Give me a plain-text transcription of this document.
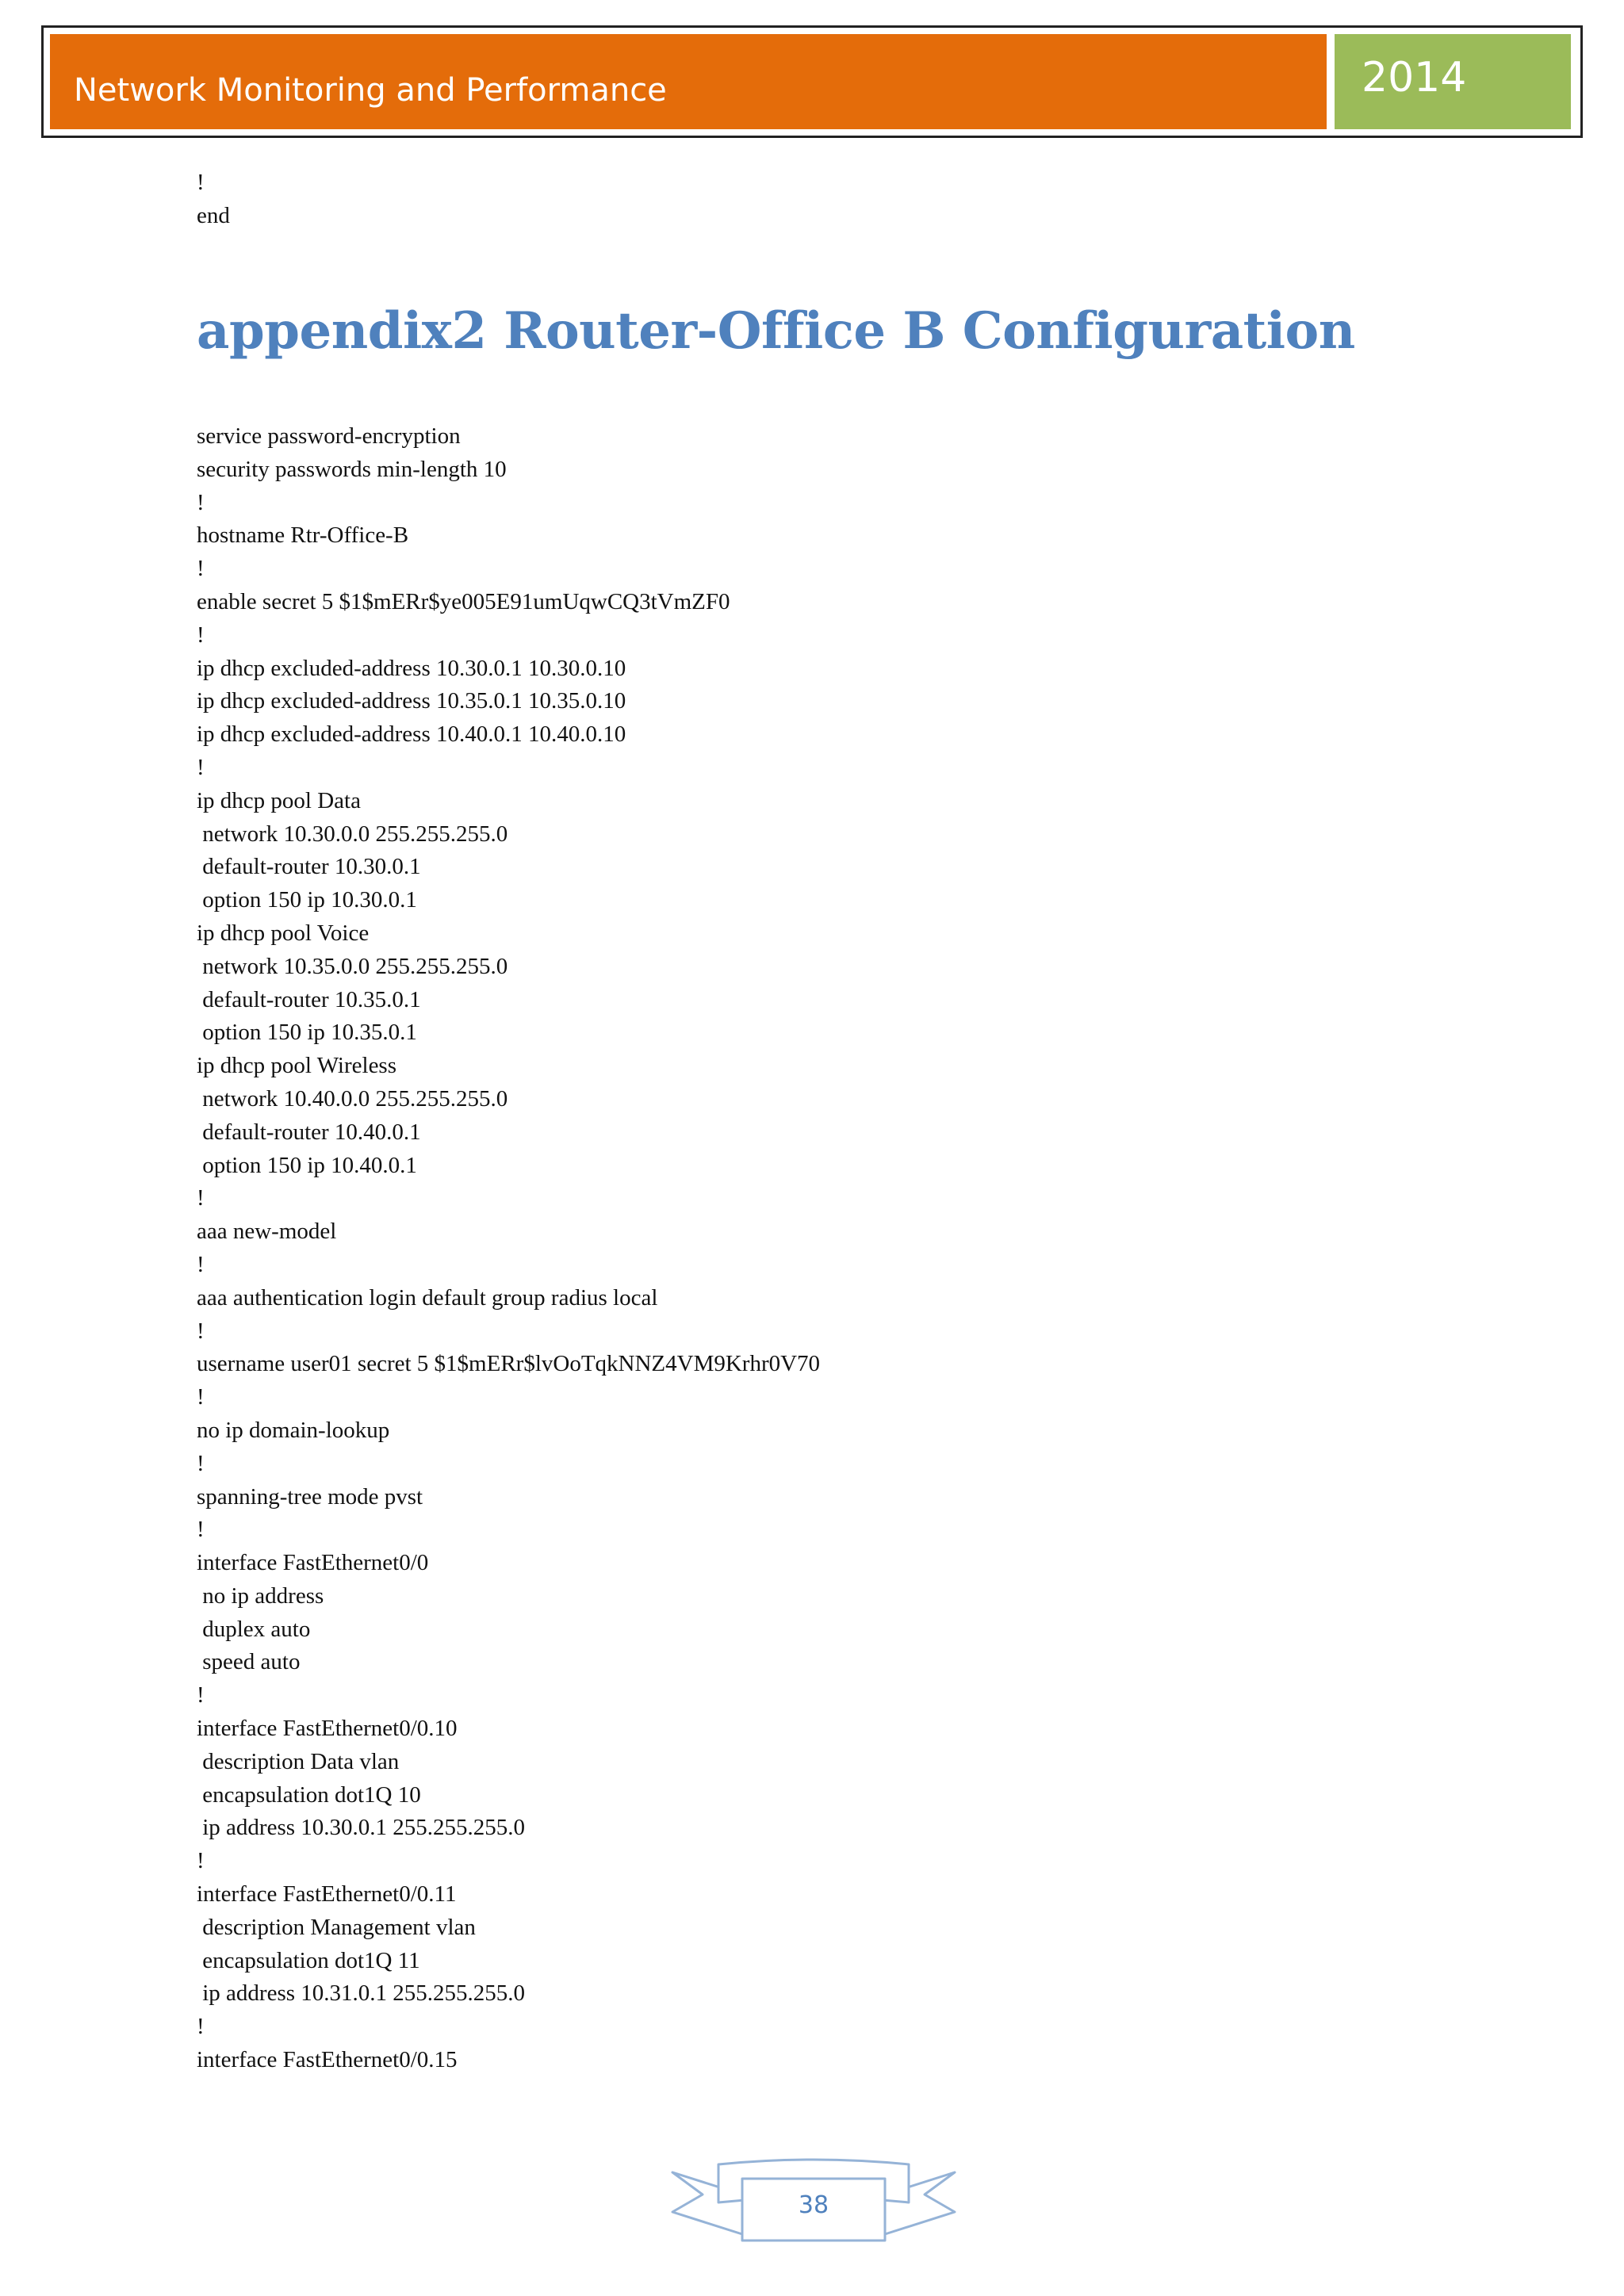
Network Monitoring and Performance	2014
!
end
appendix2 Router-Office B Configuration
service password-encryption
security passwords min-length 10
!
hostname Rtr-Office-B
!
enable secret 5 $1$mERr$ye005E91umUqwCQ3tVmZF0
!
ip dhcp excluded-address 10.30.0.1 10.30.0.10
ip dhcp excluded-address 10.35.0.1 10.35.0.10
ip dhcp excluded-address 10.40.0.1 10.40.0.10
!
ip dhcp pool Data
network 10.30.0.0 255.255.255.0
default-router 10.30.0.1
option 150 ip 10.30.0.1
ip dhcp pool Voice
network 10.35.0.0 255.255.255.0
default-router 10.35.0.1
option 150 ip 10.35.0.1
ip dhcp pool Wireless
network 10.40.0.0 255.255.255.0
default-router 10.40.0.1
option 150 ip 10.40.0.1
!
aaa new-model
!
aaa authentication login default group radius local
!
username user01 secret 5 $1$mERr$lvOoTqkNNZ4VM9Krhr0V70
!
no ip domain-lookup
!
spanning-tree mode pvst
!
interface FastEthernet0/0
no ip address
duplex auto
speed auto
!
interface FastEthernet0/0.10
description Data vlan
encapsulation dot1Q 10
ip address 10.30.0.1 255.255.255.0
!
interface FastEthernet0/0.11
description Management vlan
encapsulation dot1Q 11
ip address 10.31.0.1 255.255.255.0
!
interface FastEthernet0/0.15
38
